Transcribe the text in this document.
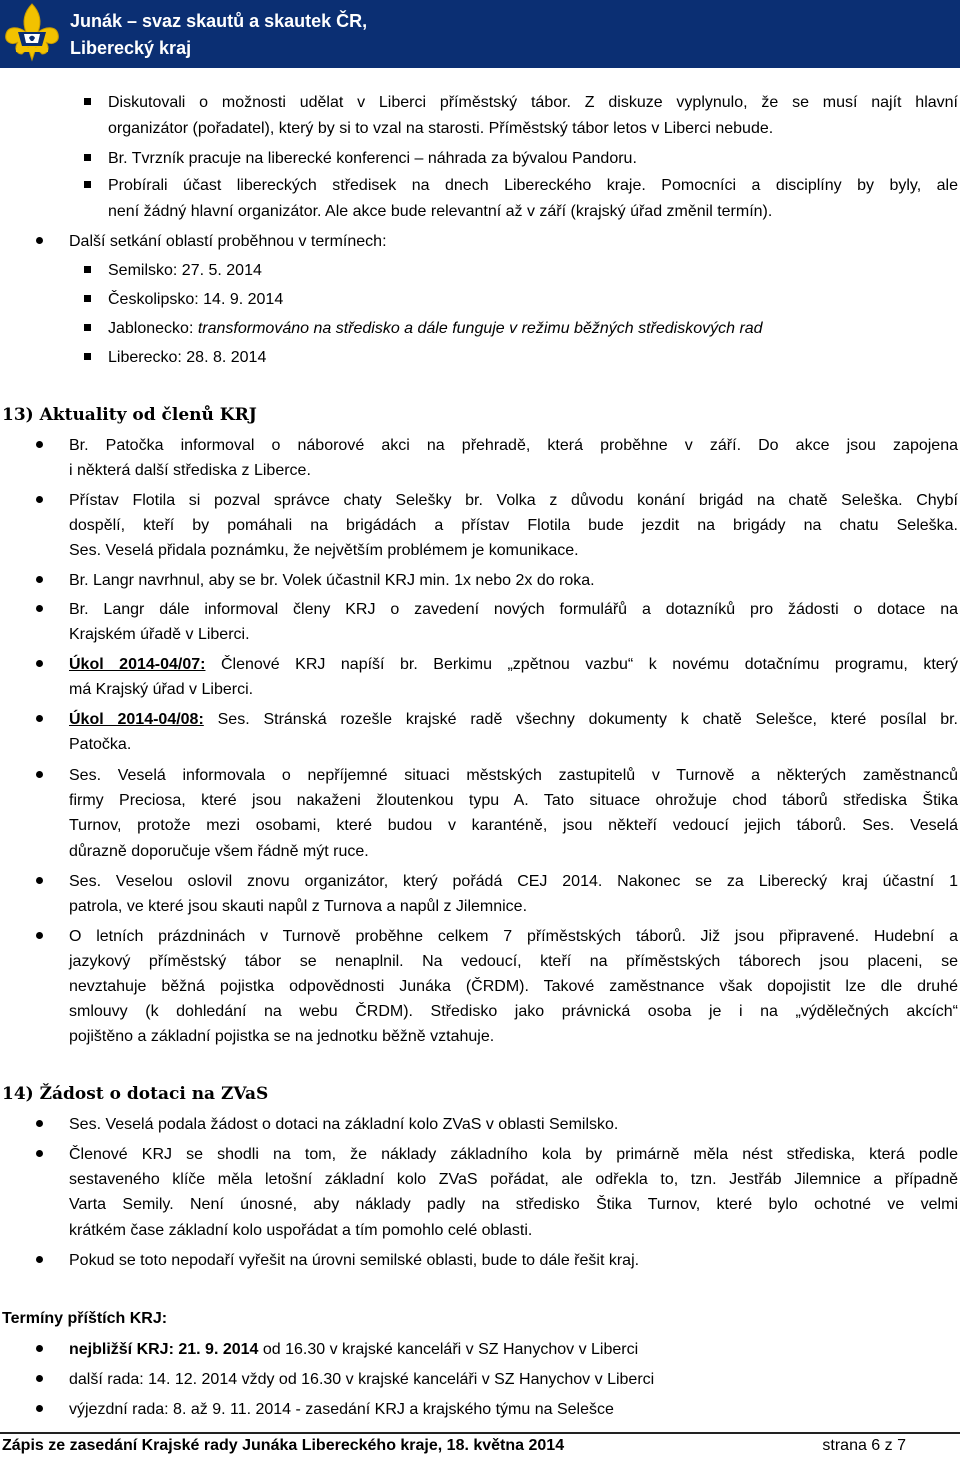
Junák – svaz skautů a skautek ČR,
Liberecký kraj
Diskutovali o možnosti udělat v Liberci příměstský tábor. Z diskuze vyplynulo, že se musí najít hlavní
organizátor (pořadatel), který by si to vzal na starosti. Příměstský tábor letos v Liberci nebude.
Br. Tvrzník pracuje na liberecké konferenci – náhrada za bývalou Pandoru.
Probírali účast libereckých středisek na dnech Libereckého kraje. Pomocníci a disciplíny by byly, ale
není žádný hlavní organizátor. Ale akce bude relevantní až v září (krajský úřad změnil termín).
Další setkání oblastí proběhnou v termínech:
Semilsko: 27. 5. 2014
Českolipsko: 14. 9. 2014
Jablonecko: transformováno na středisko a dále funguje v režimu běžných střediskových rad
Liberecko: 28. 8. 2014
13) Aktuality od členů KRJ
Br. Patočka informoval o náborové akci na přehradě, která proběhne v září. Do akce jsou zapojena
i některá další střediska z Liberce.
Přístav Flotila si pozval správce chaty Selešky br. Volka z důvodu konání brigád na chatě Seleška. Chybí
dospělí, kteří by pomáhali na brigádách a přístav Flotila bude jezdit na brigády na chatu Seleška.
Ses. Veselá přidala poznámku, že největším problémem je komunikace.
Br. Langr navrhnul, aby se br. Volek účastnil KRJ min. 1x nebo 2x do roka.
Br. Langr dále informoval členy KRJ o zavedení nových formulářů a dotazníků pro žádosti o dotace na
Krajském úřadě v Liberci.
Úkol 2014-04/07: Členové KRJ napíší br. Berkimu „zpětnou vazbu“ k novému dotačnímu programu, který
má Krajský úřad v Liberci.
Úkol 2014-04/08: Ses. Stránská rozešle krajské radě všechny dokumenty k chatě Selešce, které posílal br.
Patočka.
Ses. Veselá informovala o nepříjemné situaci městských zastupitelů v Turnově a některých zaměstnanců
firmy Preciosa, které jsou nakaženi žloutenkou typu A. Tato situace ohrožuje chod táborů střediska Štika
Turnov, protože mezi osobami, které budou v karanténě, jsou někteří vedoucí jejich táborů. Ses. Veselá
důrazně doporučuje všem řádně mýt ruce.
Ses. Veselou oslovil znovu organizátor, který pořádá CEJ 2014. Nakonec se za Liberecký kraj účastní 1
patrola, ve které jsou skauti napůl z Turnova a napůl z Jilemnice.
O letních prázdninách v Turnově proběhne celkem 7 příměstských táborů. Již jsou připravené. Hudební a
jazykový příměstský tábor se nenaplnil. Na vedoucí, kteří na příměstských táborech jsou placeni, se
nevztahuje běžná pojistka odpovědnosti Junáka (ČRDM). Takové zaměstnance však dopojistit lze dle druhé
smlouvy (k dohledání na webu ČRDM). Středisko jako právnická osoba je i na „výdělečných akcích“
pojištěno a základní pojistka se na jednotku běžně vztahuje.
14) Žádost o dotaci na ZVaS
Ses. Veselá podala žádost o dotaci na základní kolo ZVaS v oblasti Semilsko.
Členové KRJ se shodli na tom, že náklady základního kola by primárně měla nést střediska, která podle
sestaveného klíče měla letošní základní kolo ZVaS pořádat, ale odřekla to, tzn. Jestřáb Jilemnice a případně
Varta Semily. Není únosné, aby náklady padly na středisko Štika Turnov, které bylo ochotné ve velmi
krátkém čase základní kolo uspořádat a tím pomohlo celé oblasti.
Pokud se toto nepodaří vyřešit na úrovni semilské oblasti, bude to dále řešit kraj.
Termíny příštích KRJ:
nejbližší KRJ: 21. 9. 2014 od 16.30 v krajské kanceláři v SZ Hanychov v Liberci
další rada: 14. 12. 2014 vždy od 16.30 v krajské kanceláři v SZ Hanychov v Liberci
výjezdní rada: 8. až 9. 11. 2014 - zasedání KRJ a krajského týmu na Selešce
Zápis ze zasedání Krajské rady Junáka Libereckého kraje, 18. května 2014	strana 6 z 7
